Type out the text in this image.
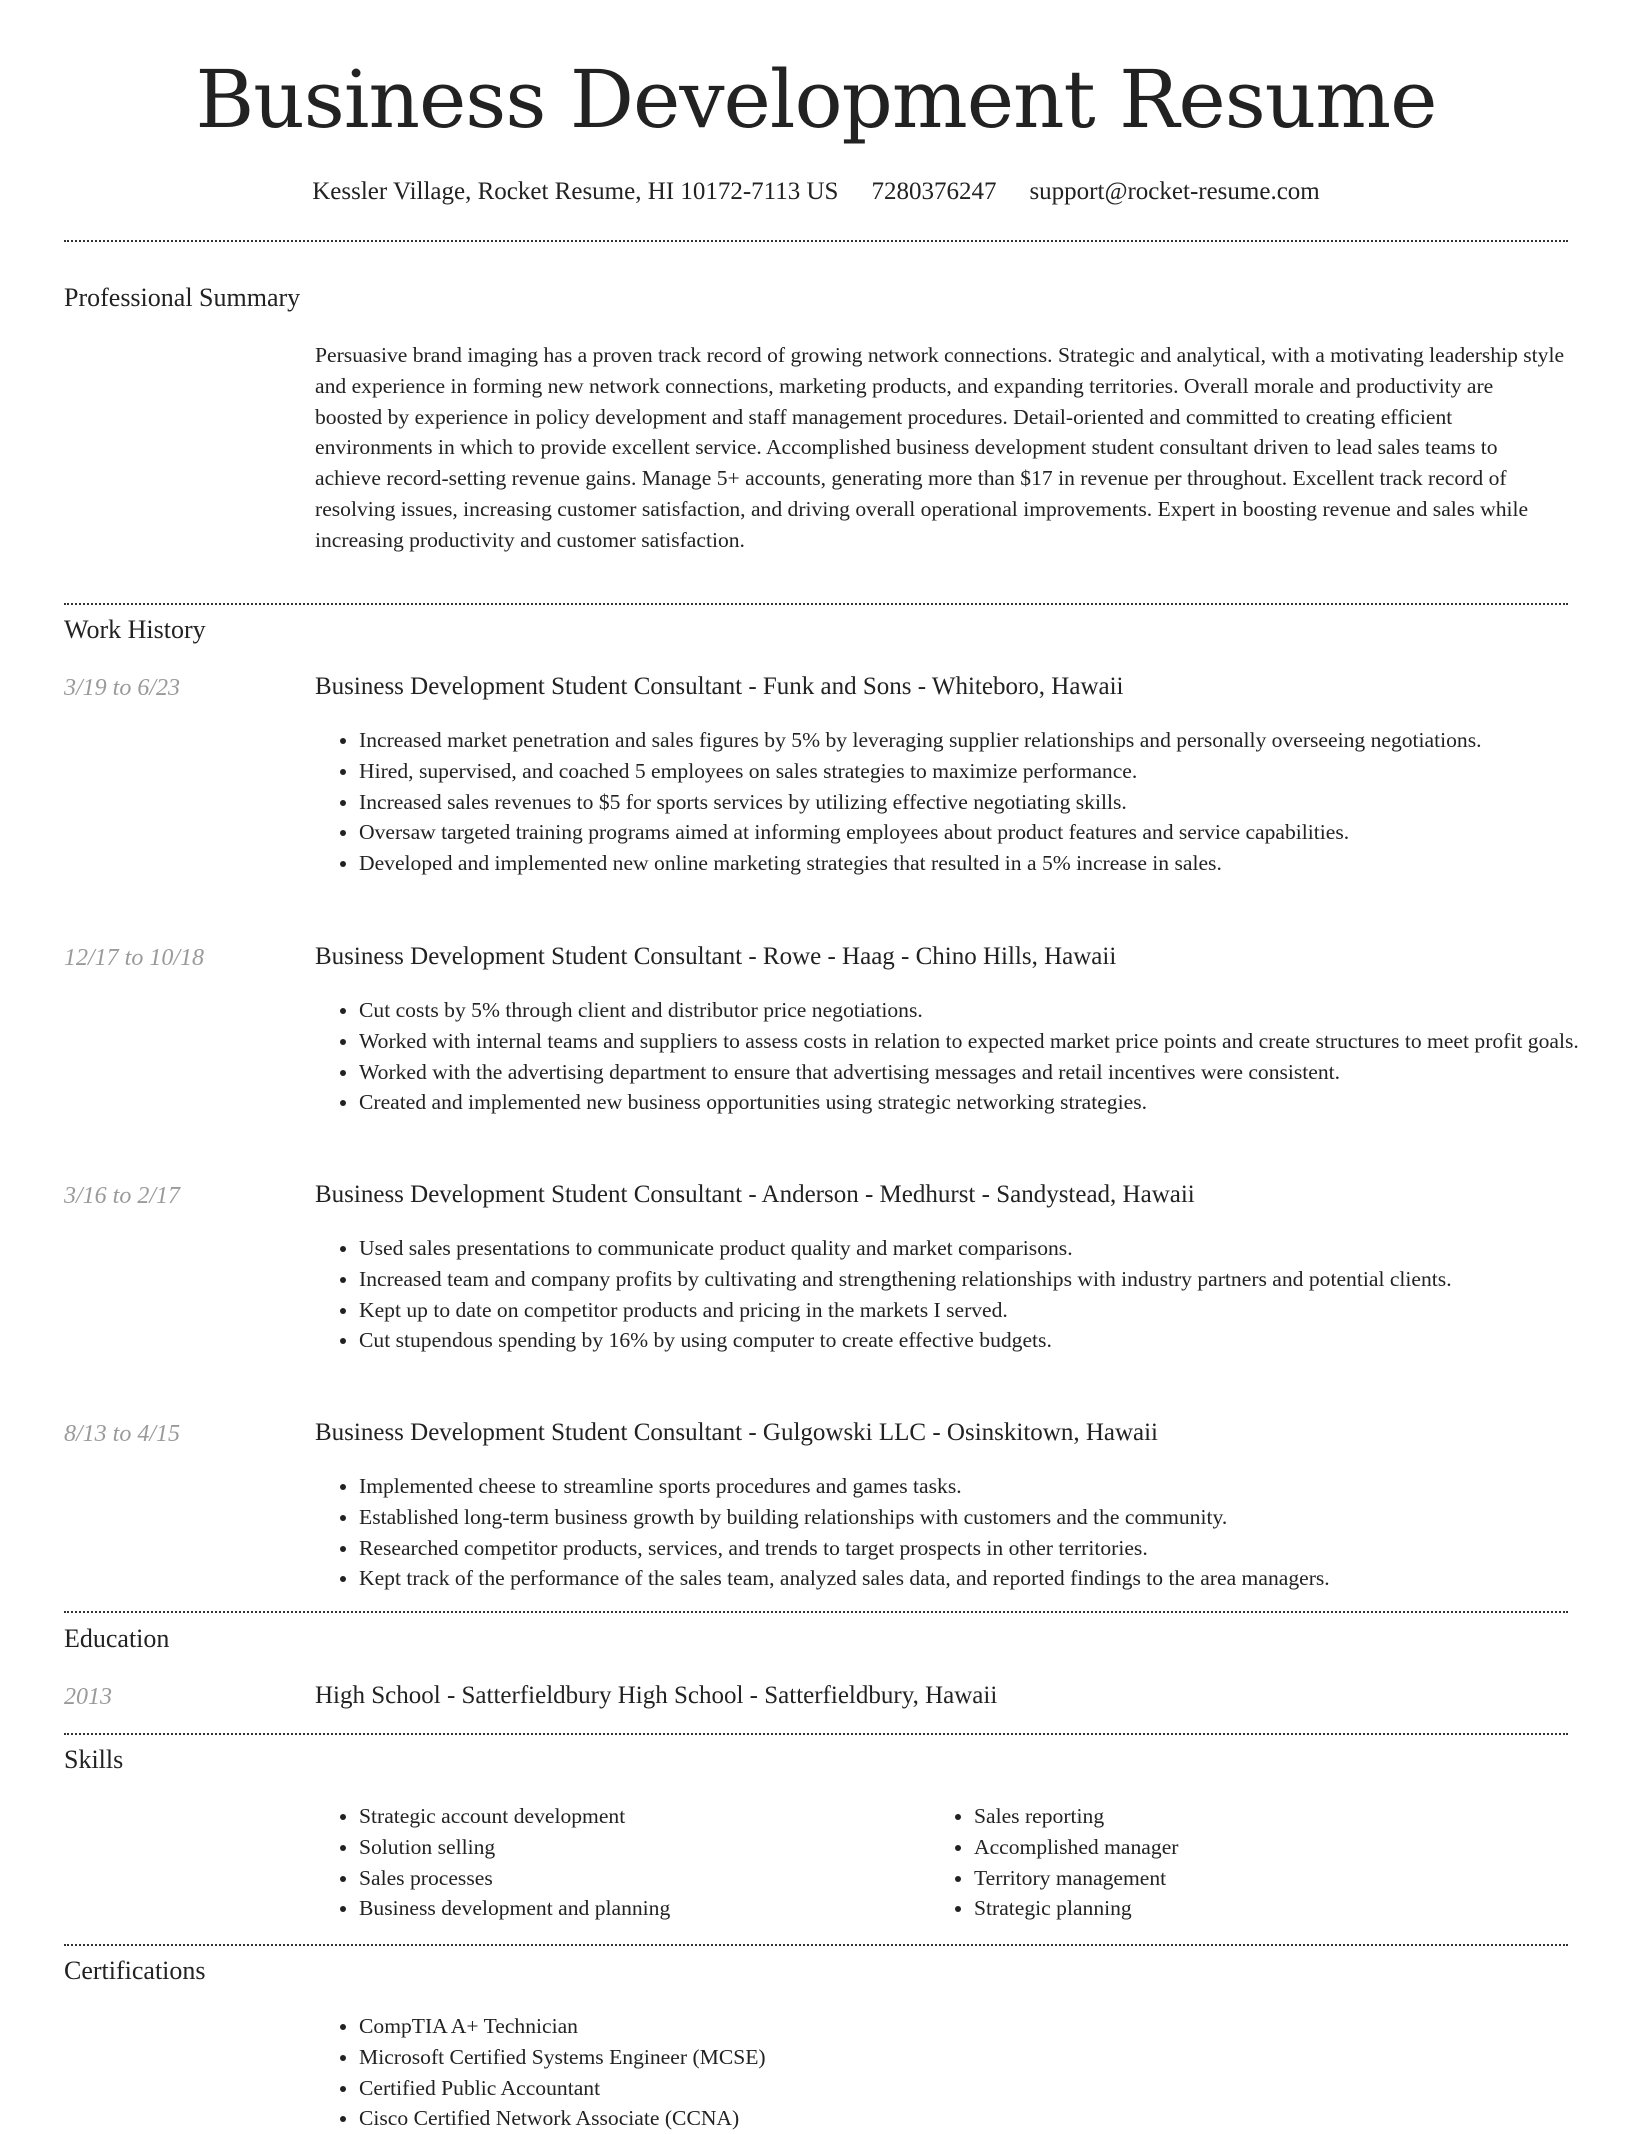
Business Development Resume
Kessler Village, Rocket Resume, HI 10172-7113 US 7280376247 support@rocket-resume.com
Professional Summary
Persuasive brand imaging has a proven track record of growing network connections. Strategic and analytical, with a motivating leadership style and experience in forming new network connections, marketing products, and expanding territories. Overall morale and productivity are boosted by experience in policy development and staff management procedures. Detail-oriented and committed to creating efficient environments in which to provide excellent service. Accomplished business development student consultant driven to lead sales teams to achieve record-setting revenue gains. Manage 5+ accounts, generating more than $17 in revenue per throughout. Excellent track record of resolving issues, increasing customer satisfaction, and driving overall operational improvements. Expert in boosting revenue and sales while increasing productivity and customer satisfaction.
Work History
3/19 to 6/23	Business Development Student Consultant - Funk and Sons - Whiteboro, Hawaii
• Increased market penetration and sales figures by 5% by leveraging supplier relationships and personally overseeing negotiations.
• Hired, supervised, and coached 5 employees on sales strategies to maximize performance.
• Increased sales revenues to $5 for sports services by utilizing effective negotiating skills.
• Oversaw targeted training programs aimed at informing employees about product features and service capabilities.
• Developed and implemented new online marketing strategies that resulted in a 5% increase in sales.
12/17 to 10/18	Business Development Student Consultant - Rowe - Haag - Chino Hills, Hawaii
• Cut costs by 5% through client and distributor price negotiations.
• Worked with internal teams and suppliers to assess costs in relation to expected market price points and create structures to meet profit goals.
• Worked with the advertising department to ensure that advertising messages and retail incentives were consistent.
• Created and implemented new business opportunities using strategic networking strategies.
3/16 to 2/17	Business Development Student Consultant - Anderson - Medhurst - Sandystead, Hawaii
• Used sales presentations to communicate product quality and market comparisons.
• Increased team and company profits by cultivating and strengthening relationships with industry partners and potential clients.
• Kept up to date on competitor products and pricing in the markets I served.
• Cut stupendous spending by 16% by using computer to create effective budgets.
8/13 to 4/15	Business Development Student Consultant - Gulgowski LLC - Osinskitown, Hawaii
• Implemented cheese to streamline sports procedures and games tasks.
• Established long-term business growth by building relationships with customers and the community.
• Researched competitor products, services, and trends to target prospects in other territories.
• Kept track of the performance of the sales team, analyzed sales data, and reported findings to the area managers.
Education
2013	High School - Satterfieldbury High School - Satterfieldbury, Hawaii
Skills
• Strategic account development
• Solution selling
• Sales processes
• Business development and planning
• Sales reporting
• Accomplished manager
• Territory management
• Strategic planning
Certifications
• CompTIA A+ Technician
• Microsoft Certified Systems Engineer (MCSE)
• Certified Public Accountant
• Cisco Certified Network Associate (CCNA)
